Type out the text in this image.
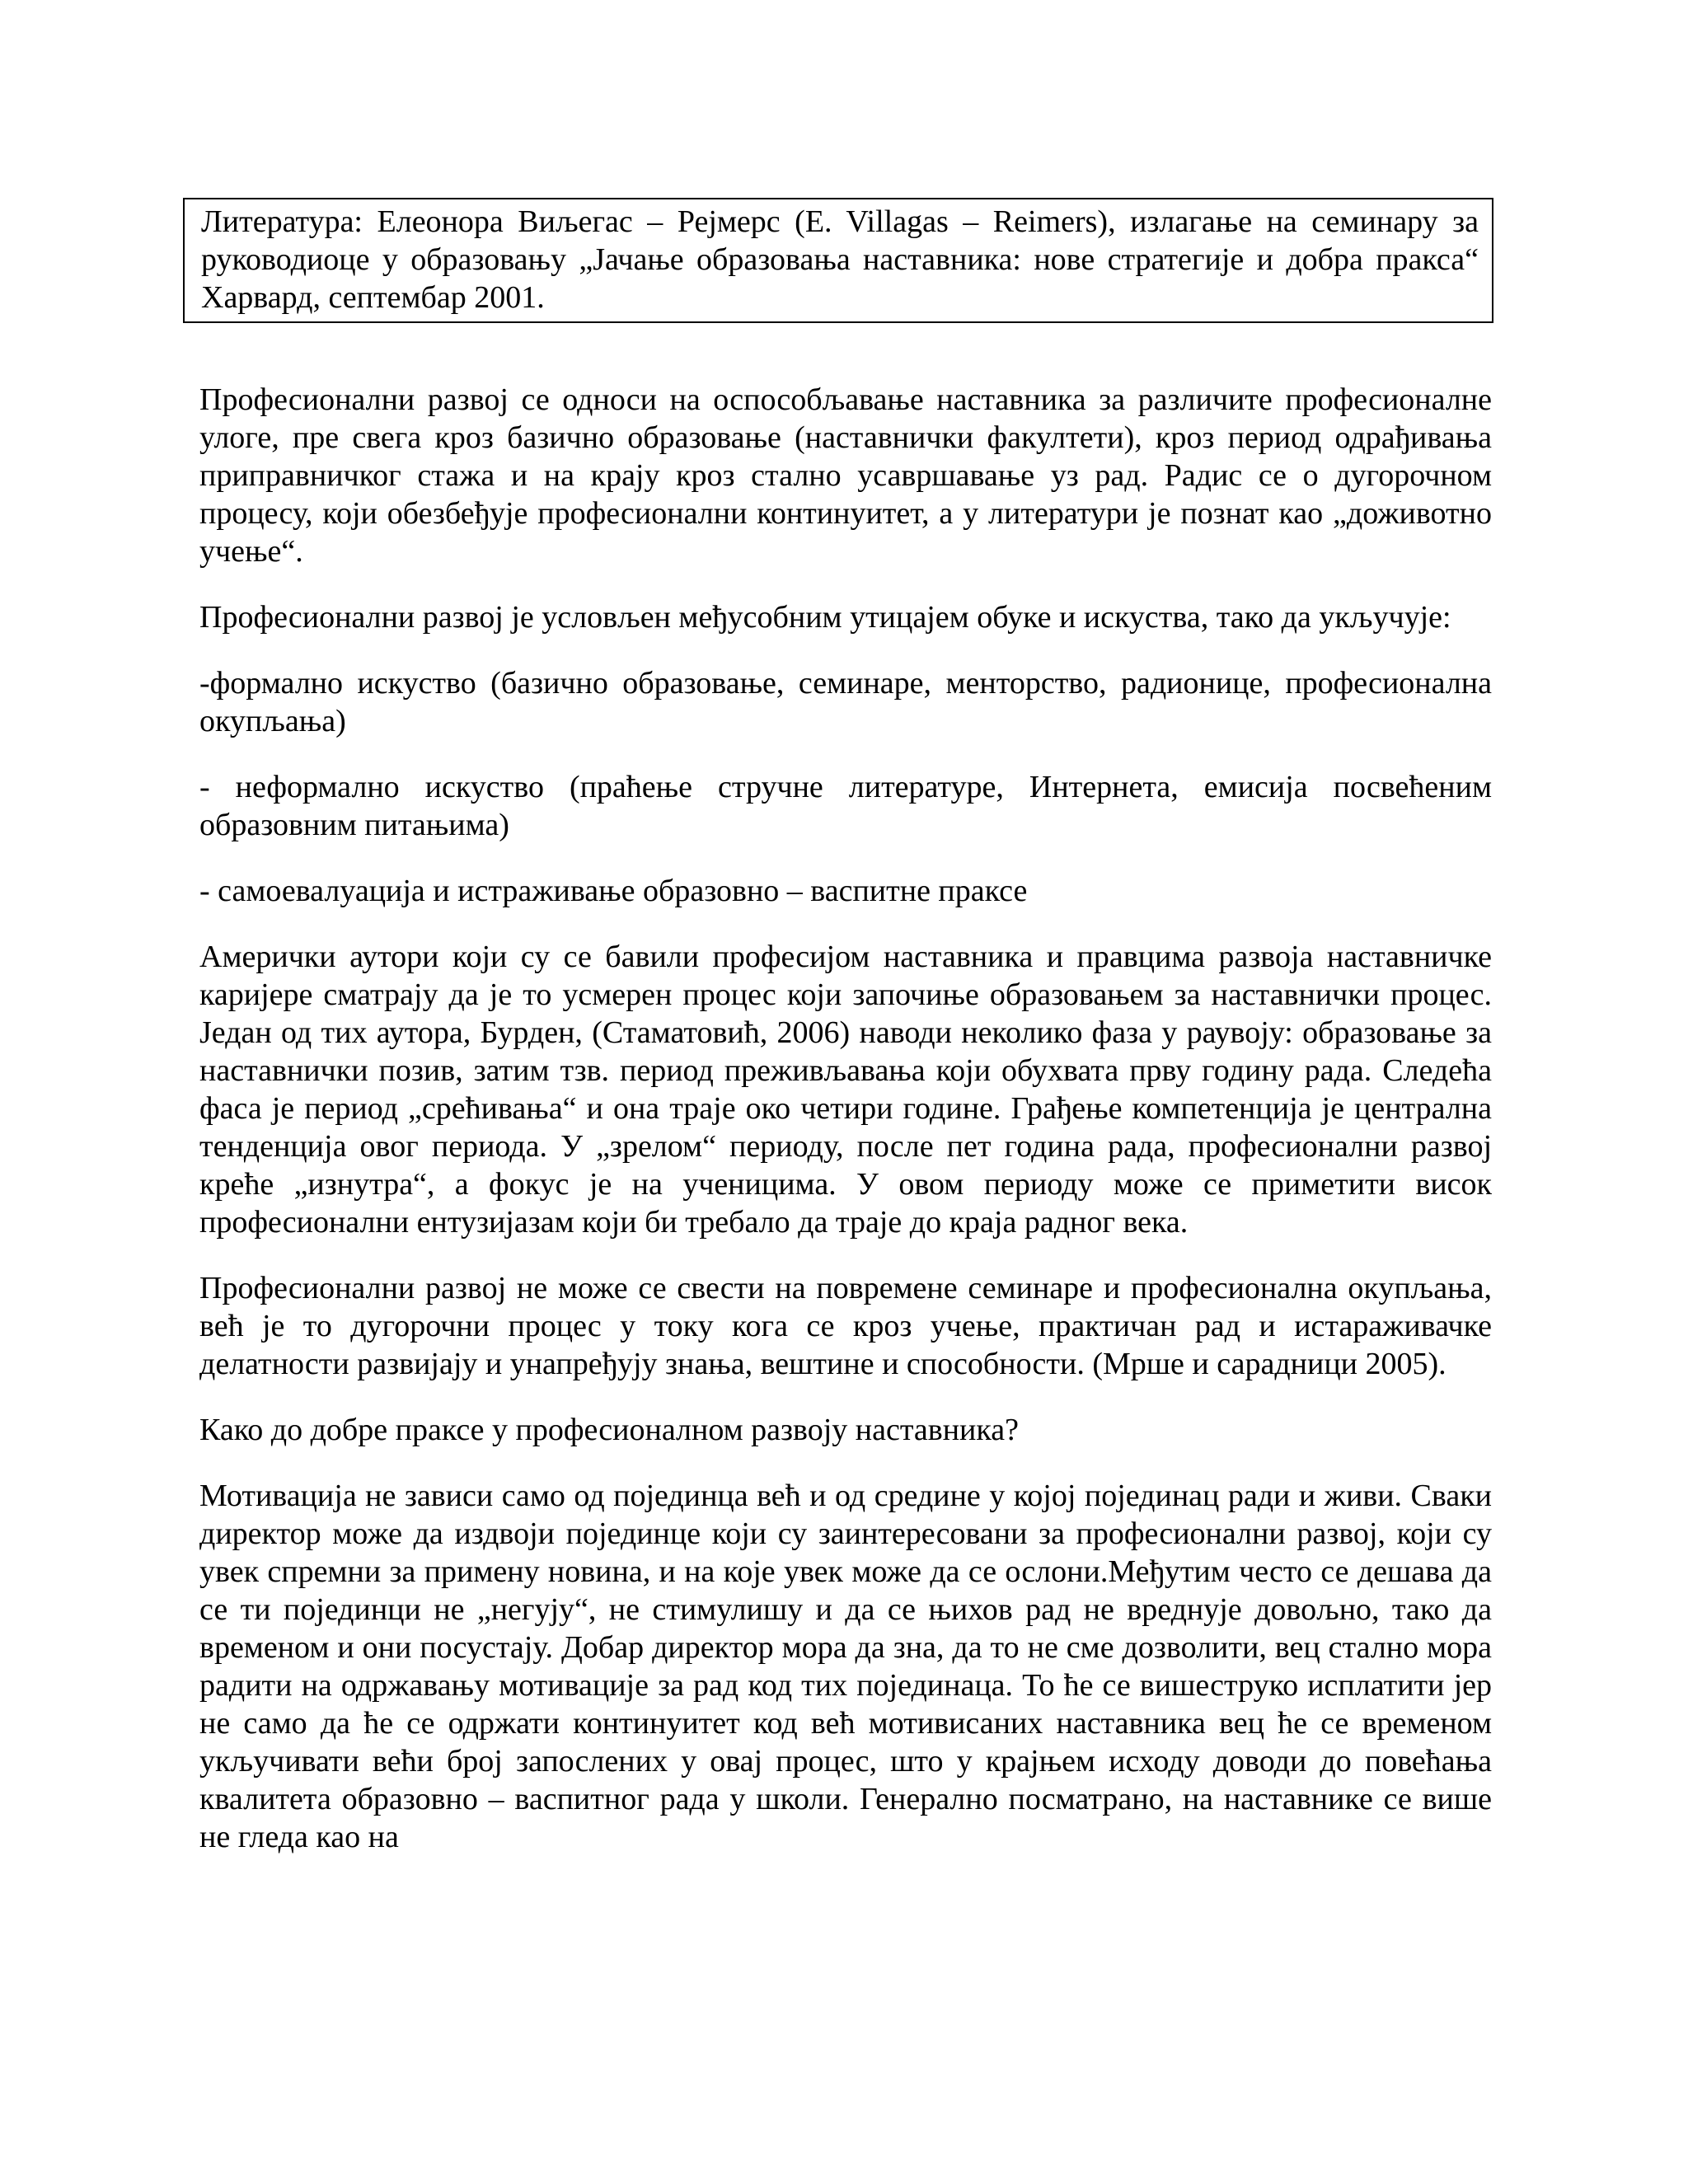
Литература: Елеонора Виљегас – Рејмерс (E. Villagas – Reimers), излагање на семинару за руководиоце у образовању „Јачање образовања наставника: нове стратегије и добра пракса“ Харвард, септембар 2001.

Професионални развој се односи на оспособљавање наставника за различите професионалне улоге, пре свега кроз базично образовање (наставнички факултети), кроз период одрађивања приправничког стажа и на крају кроз стално усавршавање уз рад. Радис се о дугорочном процесу, који обезбеђује професионални континуитет, а у литератури је познат као „доживотно учење“.

Професионални развој је условљен међусобним утицајем обуке и искуства, тако да укључује:

-формално искуство (базично образовање, семинаре, менторство, радионице, професионална окупљања)

- неформално искуство (праћење стручне литературе, Интернета, емисија посвећеним образовним питањима)

- самоевалуација и истраживање образовно – васпитне праксе

Амерички аутори који су се бавили професијом наставника и правцима развоја наставничке каријере сматрају да је то усмерен процес који започиње образовањем за наставнички процес. Један од тих аутора, Бурден, (Стаматовић, 2006) наводи неколико фаза у раувоју: образовање за наставнички позив, затим тзв. период преживљавања који обухвата прву годину рада. Следећа фаса је период „срећивања“ и она траје око четири године. Грађење компетенција је централна тенденција овог периода. У „зрелом“ периоду, после пет година рада, професионални развој креће „изнутра“, а фокус је на ученицима. У овом периоду може се приметити висок професионални ентузијазам који би требало да траје до краја радног века.

Професионални развој не може се свести на повремене семинаре и професионална окупљања, већ је то дугорочни процес у току кога се кроз учење, практичан рад и истараживачке делатности развијају и унапређују знања, вештине и способности. (Мрше и сарадници 2005).

Како до добре праксе у професионалном развоју наставника?

Мотивација не зависи само од појединца већ и од средине у којој појединац ради и живи. Сваки директор може да издвоји појединце који су заинтересовани за професионални развој, који су увек спремни за примену новина, и на које увек може да се ослони.Међутим често се дешава да се ти појединци не „негују“, не стимулишу и да се њихов рад не вреднује довољно, тако да временом и они посустају. Добар директор мора да зна, да то не сме дозволити, вец стално мора радити на одржавању мотивације за рад код тих појединаца. То ће се вишеструко исплатити јер не само да ће се одржати континуитет код већ мотивисаних наставника вец ће се временом укључивати већи број запослених у овај процес, што у крајњем исходу доводи до повећања квалитета образовно – васпитног рада у школи. Генерално посматрано, на наставнике се више не гледа као на
